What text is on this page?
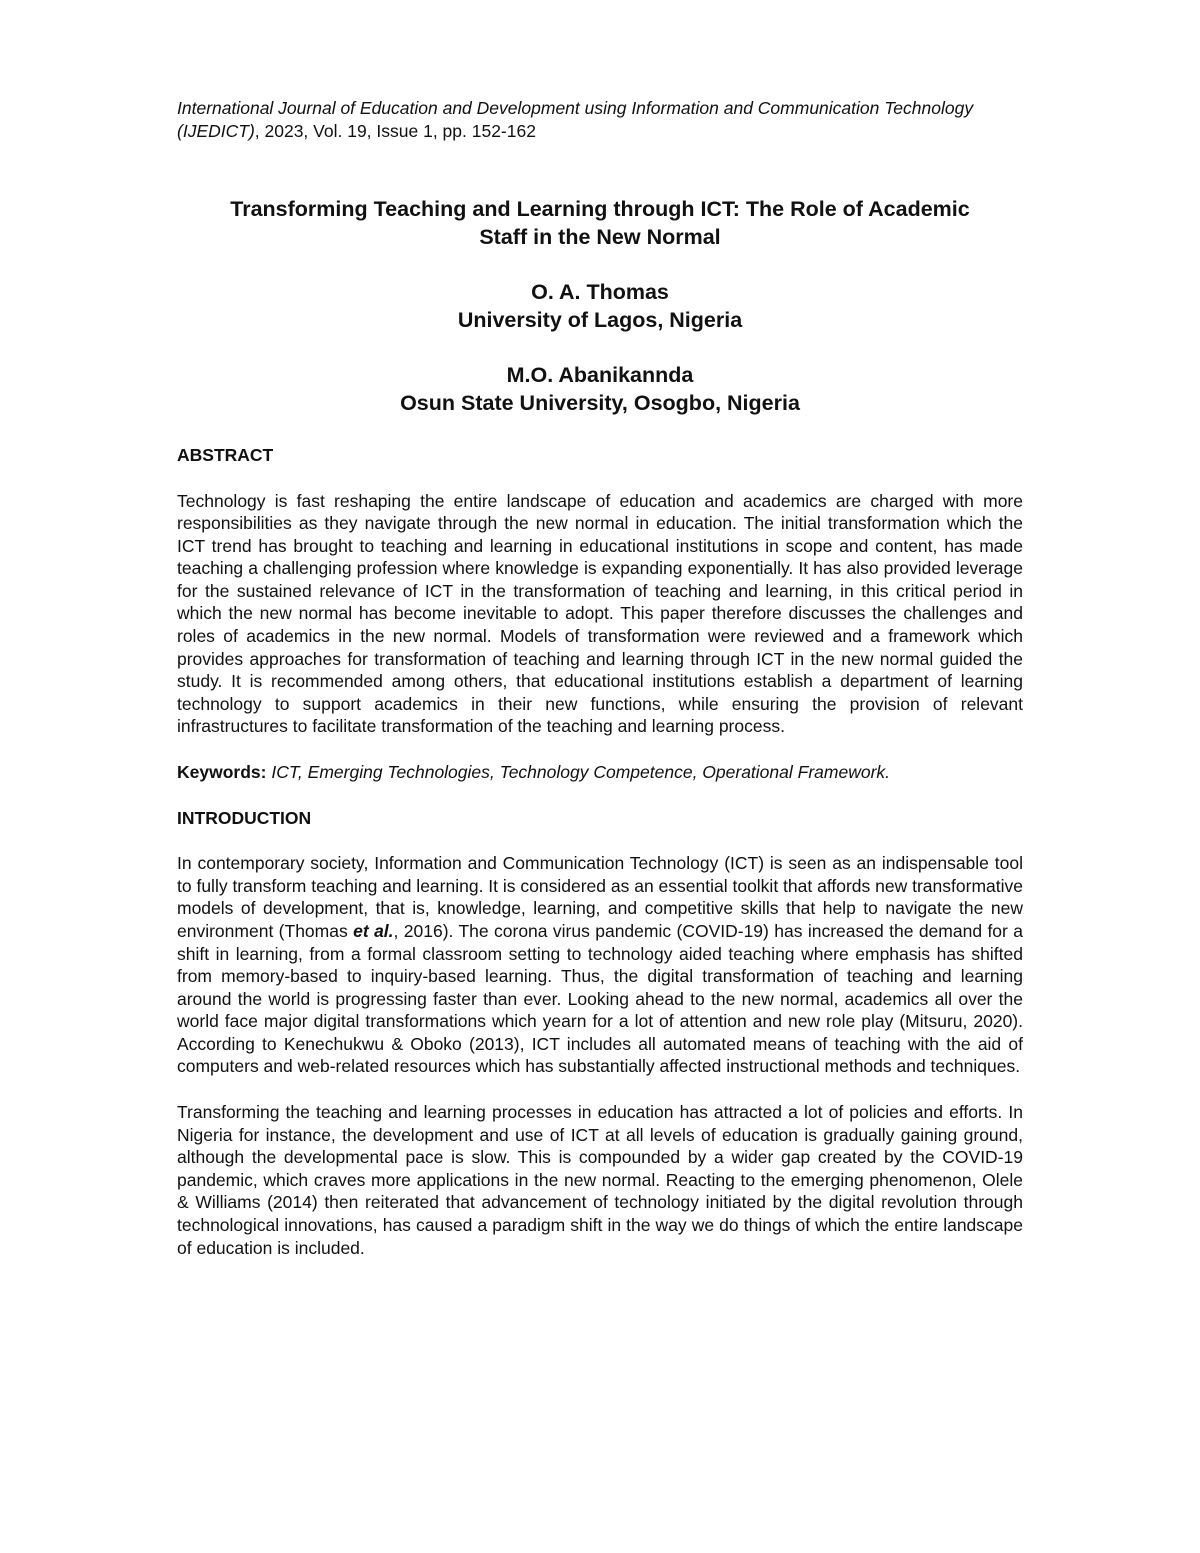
International Journal of Education and Development using Information and Communication Technology (IJEDICT), 2023, Vol. 19, Issue 1, pp. 152-162

Transforming Teaching and Learning through ICT: The Role of Academic
Staff in the New Normal
O. A. Thomas
University of Lagos, Nigeria
M.O. Abanikannda
Osun State University, Osogbo, Nigeria
ABSTRACT

Technology is fast reshaping the entire landscape of education and academics are charged with more responsibilities as they navigate through the new normal in education. The initial transformation which the ICT trend has brought to teaching and learning in educational institutions in scope and content, has made teaching a challenging profession where knowledge is expanding exponentially. It has also provided leverage for the sustained relevance of ICT in the transformation of teaching and learning, in this critical period in which the new normal has become inevitable to adopt. This paper therefore discusses the challenges and roles of academics in the new normal. Models of transformation were reviewed and a framework which provides approaches for transformation of teaching and learning through ICT in the new normal guided the study. It is recommended among others, that educational institutions establish a department of learning technology to support academics in their new functions, while ensuring the provision of relevant infrastructures to facilitate transformation of the teaching and learning process.

Keywords: ICT, Emerging Technologies, Technology Competence, Operational Framework.

INTRODUCTION

In contemporary society, Information and Communication Technology (ICT) is seen as an indispensable tool to fully transform teaching and learning. It is considered as an essential toolkit that affords new transformative models of development, that is, knowledge, learning, and competitive skills that help to navigate the new environment (Thomas et al., 2016). The corona virus pandemic (COVID-19) has increased the demand for a shift in learning, from a formal classroom setting to technology aided teaching where emphasis has shifted from memory-based to inquiry-based learning. Thus, the digital transformation of teaching and learning around the world is progressing faster than ever. Looking ahead to the new normal, academics all over the world face major digital transformations which yearn for a lot of attention and new role play (Mitsuru, 2020). According to Kenechukwu & Oboko (2013), ICT includes all automated means of teaching with the aid of computers and web-related resources which has substantially affected instructional methods and techniques.

Transforming the teaching and learning processes in education has attracted a lot of policies and efforts. In Nigeria for instance, the development and use of ICT at all levels of education is gradually gaining ground, although the developmental pace is slow. This is compounded by a wider gap created by the COVID-19 pandemic, which craves more applications in the new normal. Reacting to the emerging phenomenon, Olele & Williams (2014) then reiterated that advancement of technology initiated by the digital revolution through technological innovations, has caused a paradigm shift in the way we do things of which the entire landscape of education is included.
